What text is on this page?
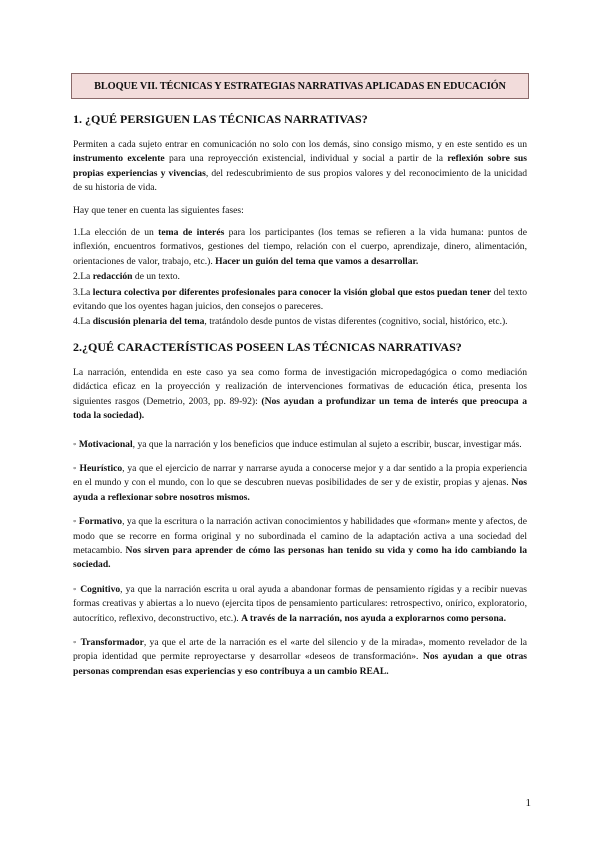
BLOQUE VII. TÉCNICAS Y ESTRATEGIAS NARRATIVAS APLICADAS EN EDUCACIÓN
1. ¿QUÉ PERSIGUEN LAS TÉCNICAS NARRATIVAS?

Permiten a cada sujeto entrar en comunicación no solo con los demás, sino consigo mismo, y en este sentido es un instrumento excelente para una reproyección existencial, individual y social a partir de la reflexión sobre sus propias experiencias y vivencias, del redescubrimiento de sus propios valores y del reconocimiento de la unicidad de su historia de vida.

Hay que tener en cuenta las siguientes fases:

1.La elección de un tema de interés para los participantes (los temas se refieren a la vida humana: puntos de inflexión, encuentros formativos, gestiones del tiempo, relación con el cuerpo, aprendizaje, dinero, alimentación, orientaciones de valor, trabajo, etc.). Hacer un guión del tema que vamos a desarrollar.

2.La redacción de un texto.

3.La lectura colectiva por diferentes profesionales para conocer la visión global que estos puedan tener del texto evitando que los oyentes hagan juicios, den consejos o pareceres.

4.La discusión plenaria del tema, tratándolo desde puntos de vistas diferentes (cognitivo, social, histórico, etc.).

2.¿QUÉ CARACTERÍSTICAS POSEEN LAS TÉCNICAS NARRATIVAS?

La narración, entendida en este caso ya sea como forma de investigación micropedagógica o como mediación didáctica eficaz en la proyección y realización de intervenciones formativas de educación ética, presenta los siguientes rasgos (Demetrio, 2003, pp. 89-92): (Nos ayudan a profundizar un tema de interés que preocupa a toda la sociedad).

◦ Motivacional, ya que la narración y los beneficios que induce estimulan al sujeto a escribir, buscar, investigar más.

◦ Heurístico, ya que el ejercicio de narrar y narrarse ayuda a conocerse mejor y a dar sentido a la propia experiencia en el mundo y con el mundo, con lo que se descubren nuevas posibilidades de ser y de existir, propias y ajenas. Nos ayuda a reflexionar sobre nosotros mismos.

◦ Formativo, ya que la escritura o la narración activan conocimientos y habilidades que «forman» mente y afectos, de modo que se recorre en forma original y no subordinada el camino de la adaptación activa a una sociedad del metacambio. Nos sirven para aprender de cómo las personas han tenido su vida y como ha ido cambiando la sociedad.

◦ Cognitivo, ya que la narración escrita u oral ayuda a abandonar formas de pensamiento rígidas y a recibir nuevas formas creativas y abiertas a lo nuevo (ejercita tipos de pensamiento particulares: retrospectivo, onírico, exploratorio, autocrítico, reflexivo, deconstructivo, etc.). A través de la narración, nos ayuda a explorarnos como persona.

◦ Transformador, ya que el arte de la narración es el «arte del silencio y de la mirada», momento revelador de la propia identidad que permite reproyectarse y desarrollar «deseos de transformación». Nos ayudan a que otras personas comprendan esas experiencias y eso contribuya a un cambio REAL.

1
